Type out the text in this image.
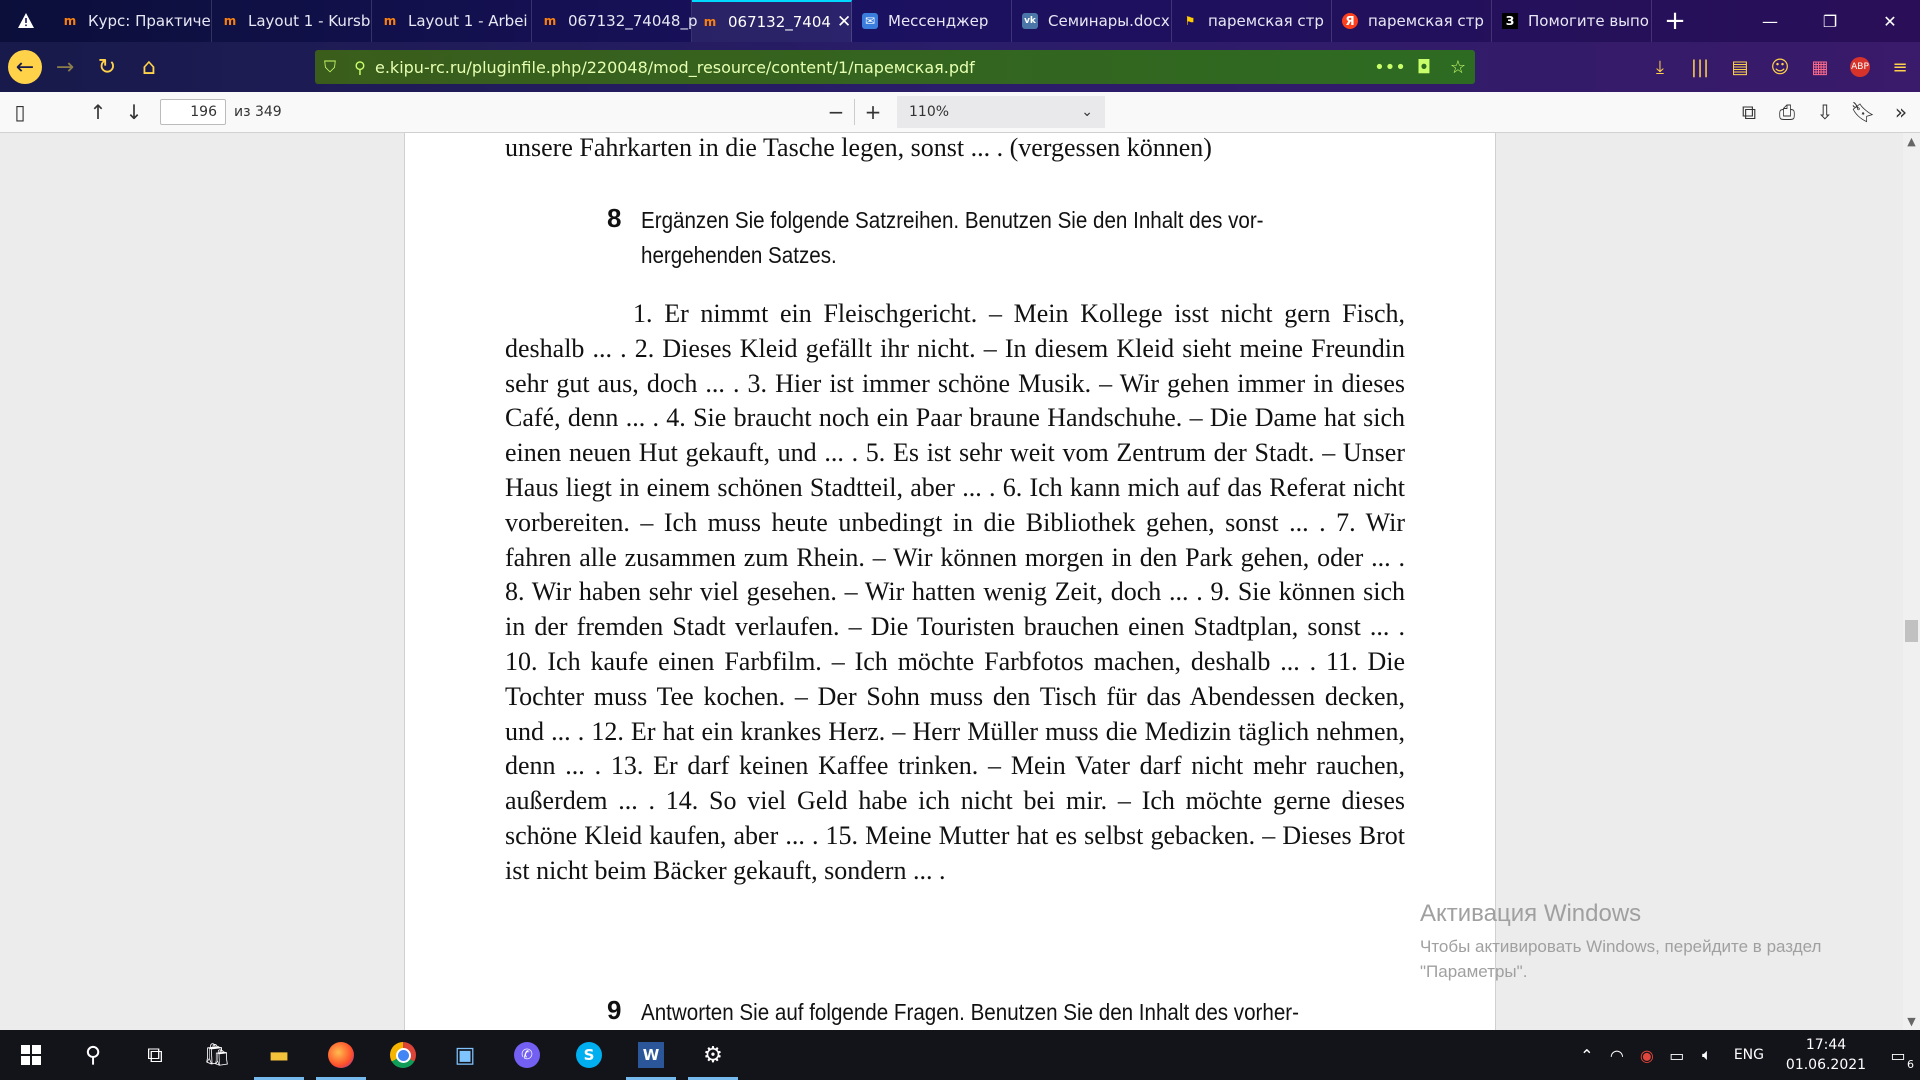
m Курс: Практиче m Layout 1 - Kursb m Layout 1 - Arbei m 067132_74048_p m 067132_7404 ✕ ✉ Мессенджер	vk Семинары.docx ⚑ паремская стр Я паремская стр	З Помогите выпо +	—	❐	✕
← →	↻	⌂	⛉	⚲ e.kipu-rc.ru/pluginfile.php/220048/mod_resource/content/1/паремская.pdf	••• ◘	☆	⤓	|||	▤	☺	▦	ABP	≡
▯	↑ ↓	196	из 349	−	+	110%	⌄	⧉	⎙	⇩ 🔖︎ »
unsere Fahrkarten in die Tasche legen, sonst ... . (vergessen können)
8 Ergänzen Sie folgende Satzreihen. Benutzen Sie den Inhalt des vor-
hergehenden Satzes.
1. Er nimmt ein Fleischgericht. – Mein Kollege isst nicht gern Fisch, deshalb ... . 2. Dieses Kleid gefällt ihr nicht. – In diesem Kleid sieht meine Freundin sehr gut aus, doch ... . 3. Hier ist immer schöne Musik. – Wir gehen immer in dieses Café, denn ... . 4. Sie braucht noch ein Paar braune Handschuhe. – Die Dame hat sich einen neuen Hut gekauft, und ... . 5. Es ist sehr weit vom Zentrum der Stadt. – Unser Haus liegt in einem schönen Stadtteil, aber ... . 6. Ich kann mich auf das Referat nicht vorbereiten. – Ich muss heute unbedingt in die Bibliothek gehen, sonst ... . 7. Wir fahren alle zusammen zum Rhein. – Wir können morgen in den Park gehen, oder ... . 8. Wir haben sehr viel gesehen. – Wir hatten wenig Zeit, doch ... . 9. Sie können sich in der fremden Stadt verlaufen. – Die Touristen brauchen einen Stadtplan, sonst ... . 10. Ich kaufe einen Farbfilm. – Ich möchte Farbfotos machen, deshalb ... . 11. Die Tochter muss Tee kochen. – Der Sohn muss den Tisch für das Abendessen decken, und ... . 12. Er hat ein krankes Herz. – Herr Müller muss die Medizin täglich nehmen, denn ... . 13. Er darf keinen Kaffee trinken. – Mein Vater darf nicht mehr rauchen, außerdem ... . 14. So viel Geld habe ich nicht bei mir. – Ich möchte gerne dieses schöne Kleid kaufen, aber ... . 15. Meine Mutter hat es selbst gebacken. – Dieses Brot ist nicht beim Bäcker gekauft, sondern ... .
9 Antworten Sie auf folgende Fragen. Benutzen Sie den Inhalt des vorher-
▲
▼
Активация Windows
Чтобы активировать Windows, перейдите в раздел
"Параметры".
⚲	⧉	🛍︎	▬	▣	✆	S	W	⚙	⌃	◠	◉ ▭	🔈︎	ENG
17:44
01.06.2021
▭ 6
